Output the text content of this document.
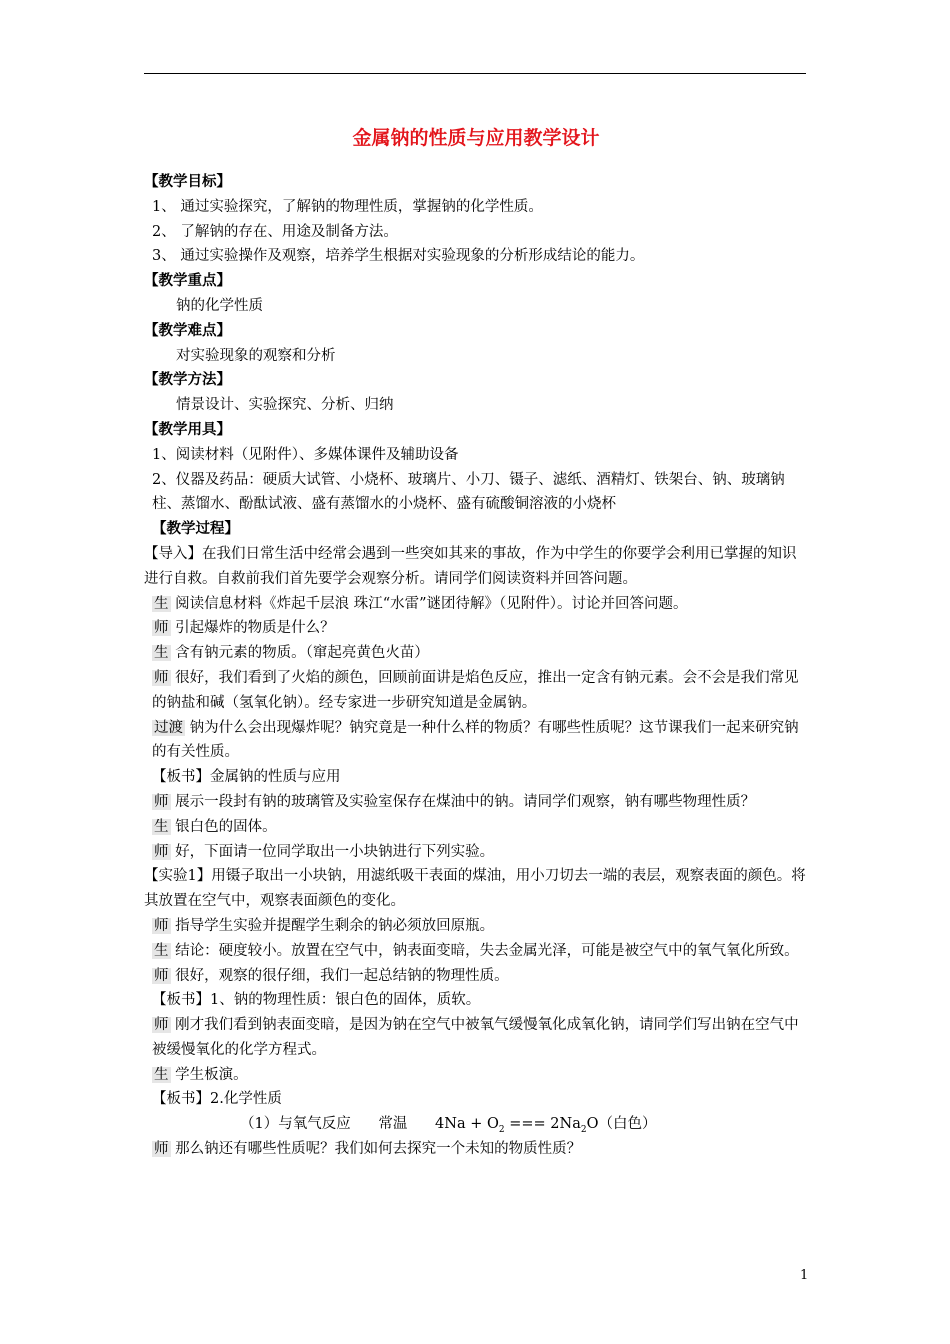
金属钠的性质与应用教学设计

【教学目标】

1、 通过实验探究，了解钠的物理性质，掌握钠的化学性质。

2、 了解钠的存在、用途及制备方法。

3、 通过实验操作及观察，培养学生根据对实验现象的分析形成结论的能力。

【教学重点】

钠的化学性质

【教学难点】

对实验现象的观察和分析

【教学方法】

情景设计、实验探究、分析、归纳

【教学用具】

1、阅读材料（见附件）、多媒体课件及辅助设备

2、仪器及药品：硬质大试管、小烧杯、玻璃片、小刀、镊子、滤纸、酒精灯、铁架台、钠、玻璃钠柱、蒸馏水、酚酞试液、盛有蒸馏水的小烧杯、盛有硫酸铜溶液的小烧杯

【教学过程】

【导入】在我们日常生活中经常会遇到一些突如其来的事故，作为中学生的你要学会利用已掌握的知识进行自救。自救前我们首先要学会观察分析。请同学们阅读资料并回答问题。

生 阅读信息材料《炸起千层浪 珠江“水雷”谜团待解》（见附件）。讨论并回答问题。

师 引起爆炸的物质是什么？

生 含有钠元素的物质。（窜起亮黄色火苗）

师 很好，我们看到了火焰的颜色，回顾前面讲是焰色反应，推出一定含有钠元素。会不会是我们常见的钠盐和碱（氢氧化钠）。经专家进一步研究知道是金属钠。

过渡 钠为什么会出现爆炸呢？钠究竟是一种什么样的物质？有哪些性质呢？这节课我们一起来研究钠的有关性质。

【板书】金属钠的性质与应用

师 展示一段封有钠的玻璃管及实验室保存在煤油中的钠。请同学们观察，钠有哪些物理性质？

生 银白色的固体。

师 好，下面请一位同学取出一小块钠进行下列实验。

【实验1】用镊子取出一小块钠，用滤纸吸干表面的煤油，用小刀切去一端的表层，观察表面的颜色。将其放置在空气中，观察表面颜色的变化。

师 指导学生实验并提醒学生剩余的钠必须放回原瓶。

生 结论：硬度较小。放置在空气中，钠表面变暗，失去金属光泽，可能是被空气中的氧气氧化所致。

师 很好，观察的很仔细，我们一起总结钠的物理性质。

【板书】1、钠的物理性质：银白色的固体，质软。

师 刚才我们看到钠表面变暗，是因为钠在空气中被氧气缓慢氧化成氧化钠，请同学们写出钠在空气中被缓慢氧化的化学方程式。

生 学生板演。

【板书】2.化学性质

（1）与氧气反应 常温 $4Na + O_2$ === $2Na_2O$（白色）

师 那么钠还有哪些性质呢？我们如何去探究一个未知的物质性质？

1
